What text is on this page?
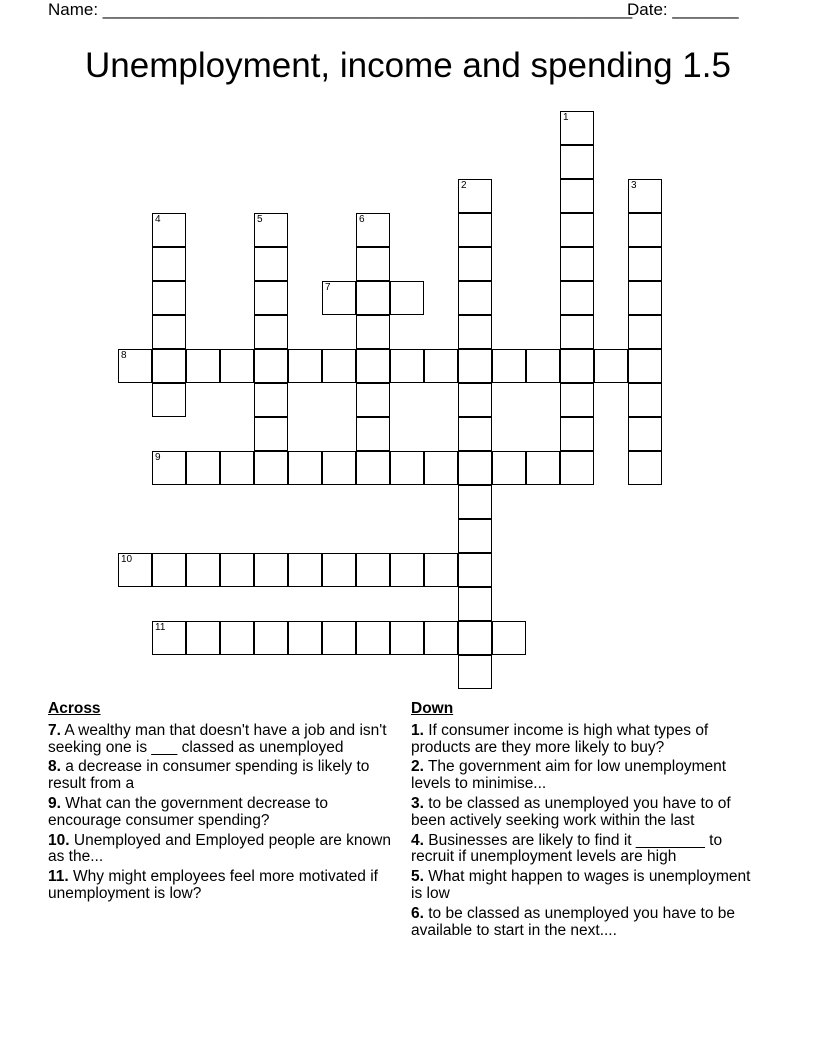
Name: ________________________________________________________
Date: _______
Unemployment, income and spending 1.5
1
2	3
4	5	6
7
8
9
10
11
Across
7. A wealthy man that doesn't have a job and isn't seeking one is ___ classed as unemployed
8. a decrease in consumer spending is likely to result from a
9. What can the government decrease to encourage consumer spending?
10. Unemployed and Employed people are known as the...
11. Why might employees feel more motivated if unemployment is low?
Down
1. If consumer income is high what types of products are they more likely to buy?
2. The government aim for low unemployment levels to minimise...
3. to be classed as unemployed you have to of been actively seeking work within the last
4. Businesses are likely to find it ________ to recruit if unemployment levels are high
5. What might happen to wages is unemployment is low
6. to be classed as unemployed you have to be available to start in the next....
